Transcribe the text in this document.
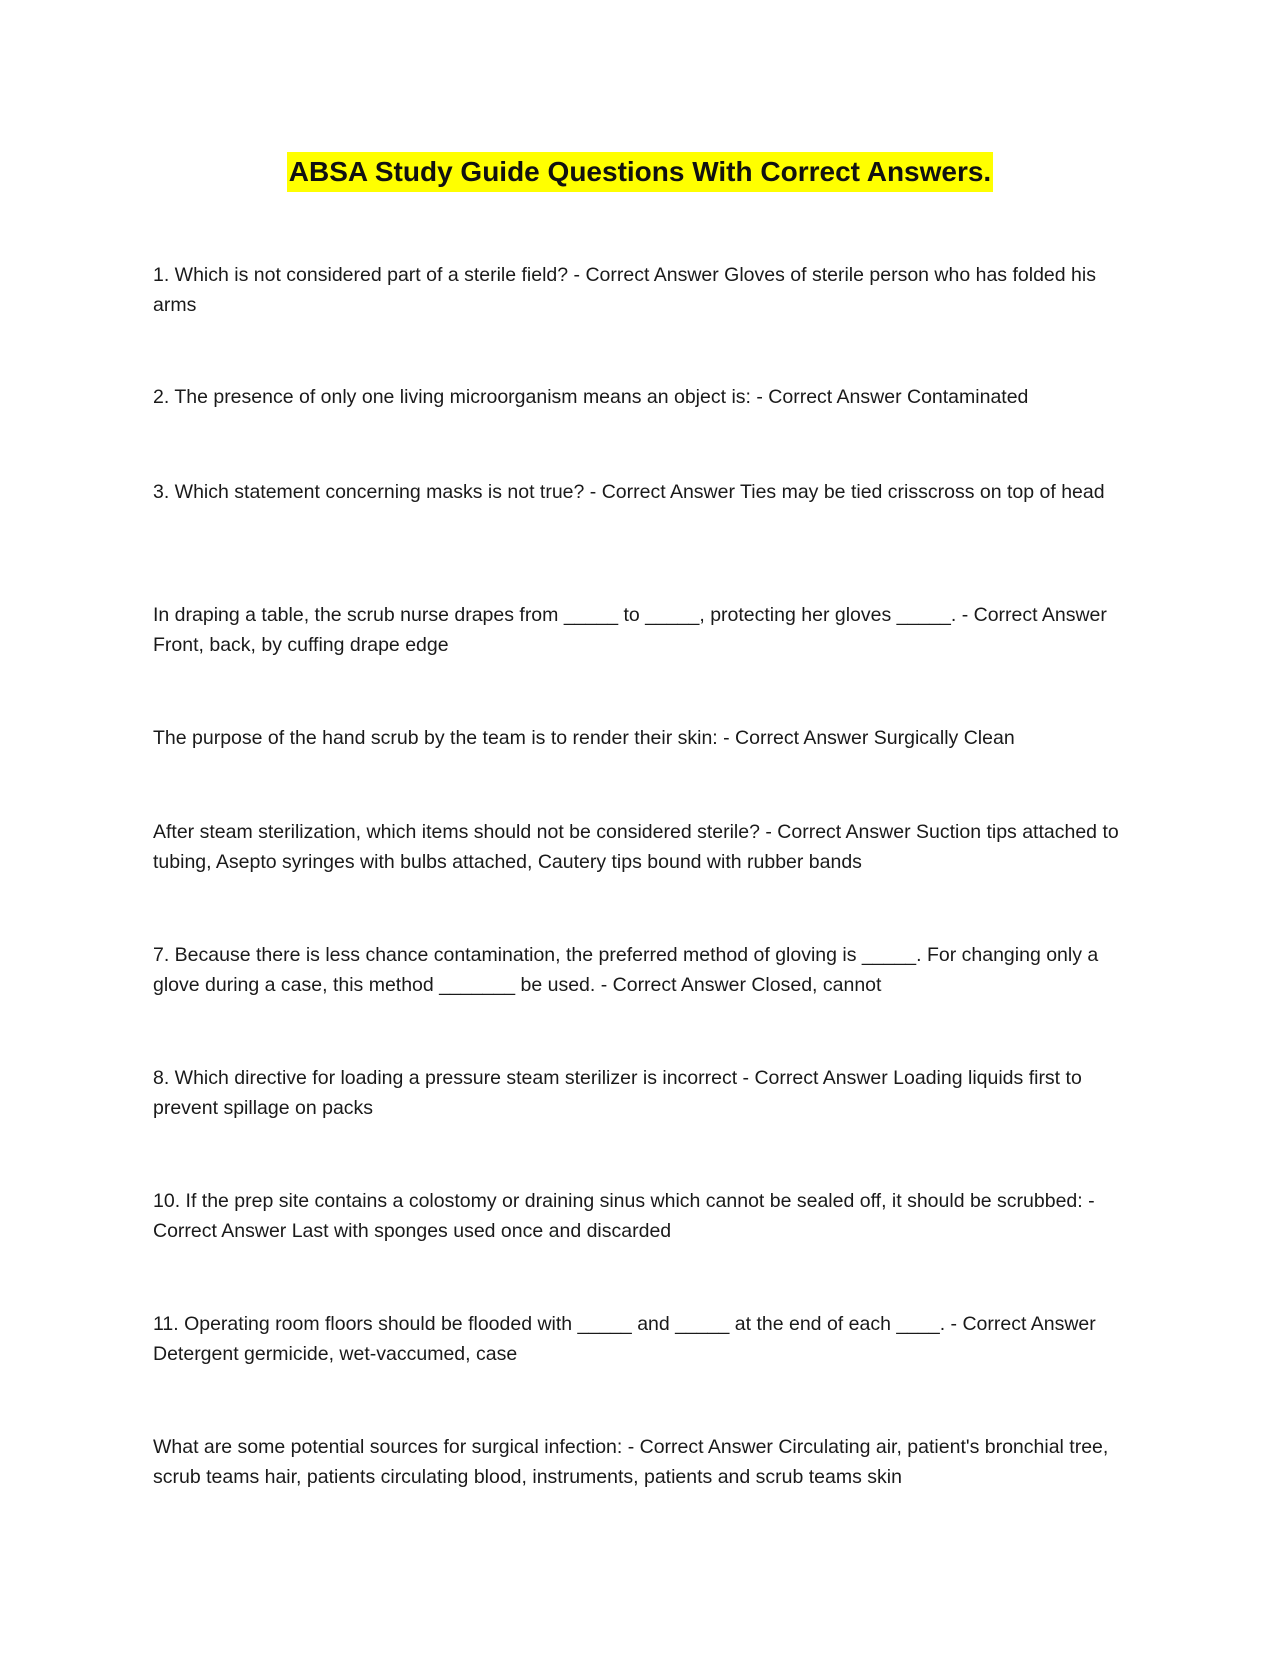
ABSA Study Guide Questions With Correct Answers.
1. Which is not considered part of a sterile field? - Correct Answer Gloves of sterile person who has folded his arms
2. The presence of only one living microorganism means an object is: - Correct Answer Contaminated
3. Which statement concerning masks is not true? - Correct Answer Ties may be tied crisscross on top of head
In draping a table, the scrub nurse drapes from _____ to _____, protecting her gloves _____. - Correct Answer Front, back, by cuffing drape edge
The purpose of the hand scrub by the team is to render their skin: - Correct Answer Surgically Clean
After steam sterilization, which items should not be considered sterile? - Correct Answer Suction tips attached to tubing, Asepto syringes with bulbs attached, Cautery tips bound with rubber bands
7. Because there is less chance contamination, the preferred method of gloving is _____. For changing only a glove during a case, this method _______ be used. - Correct Answer Closed, cannot
8. Which directive for loading a pressure steam sterilizer is incorrect - Correct Answer Loading liquids first to prevent spillage on packs
10. If the prep site contains a colostomy or draining sinus which cannot be sealed off, it should be scrubbed: - Correct Answer Last with sponges used once and discarded
11. Operating room floors should be flooded with _____ and _____ at the end of each ____. - Correct Answer Detergent germicide, wet-vaccumed, case
What are some potential sources for surgical infection: - Correct Answer Circulating air, patient's bronchial tree, scrub teams hair, patients circulating blood, instruments, patients and scrub teams skin
